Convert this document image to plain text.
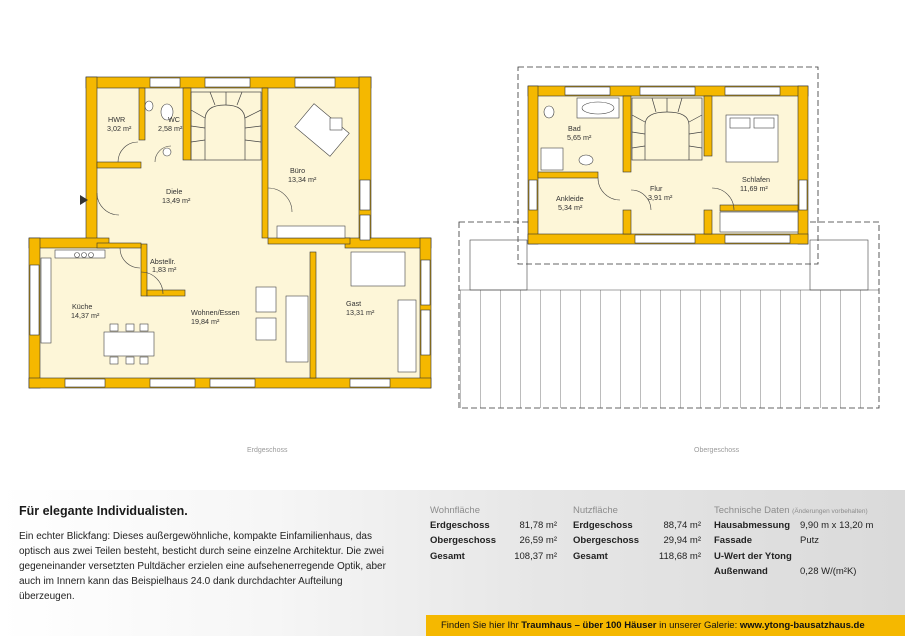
HWR
3,02 m²
WC
2,58 m²
Diele
13,49 m²
Büro
13,34 m²
Abstellr.
1,83 m²
Küche
14,37 m²	Wohnen/Essen
19,84 m²
Gast
13,31 m²
Bad
5,65 m²
Schlafen
11,69 m²
Flur
3,91 m²
Ankleide
5,34 m²
Erdgeschoss	Obergeschoss
Für elegante Individualisten.
Ein echter Blickfang: Dieses außergewöhnliche, kompakte Einfamilienhaus, das optisch aus zwei Teilen besteht, besticht durch seine einzelne Architektur. Die zwei gegeneinander versetzten Pultdächer erzielen eine aufsehenerregende Optik, aber auch im Innern kann das Beispielhaus 24.0 dank durchdachter Aufteilung überzeugen.
Wohnfläche
Erdgeschoss	81,78 m²
Obergeschoss	26,59 m²
Gesamt	108,37 m²
Nutzfläche
Erdgeschoss	88,74 m²
Obergeschoss	29,94 m²
Gesamt	118,68 m²
Technische Daten (Änderungen vorbehalten)
Hausabmessung 9,90 m x 13,20 m
Fassade	Putz
U-Wert der Ytong
Außenwand	0,28 W/(m²K)
Finden Sie hier Ihr Traumhaus – über 100 Häuser in unserer Galerie: www.ytong-bausatzhaus.de
